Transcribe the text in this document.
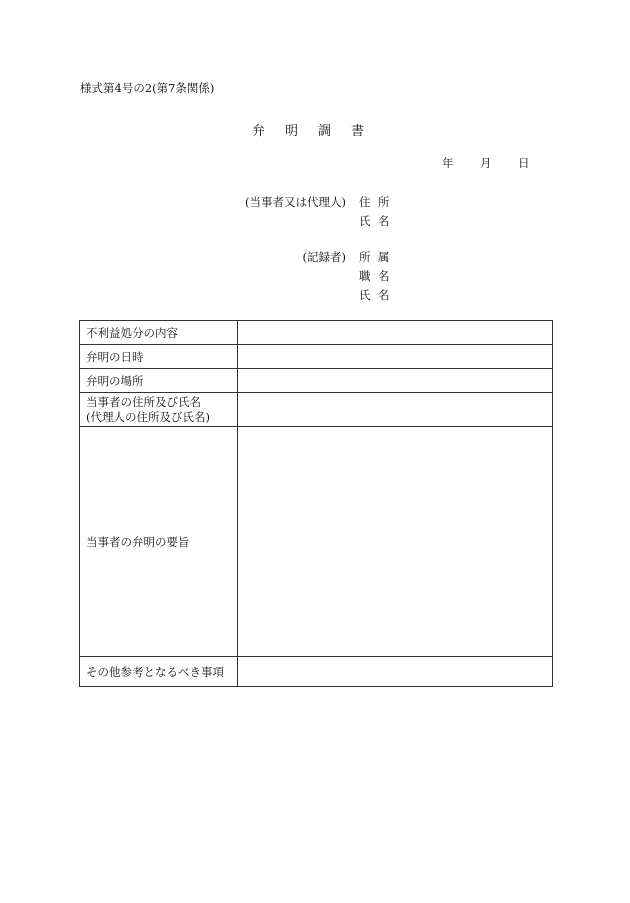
様式第4号の2(第7条関係)
弁	明	調	書
年	月	日
(当事者又は代理人) 住 所
氏 名
(記録者) 所 属
職 名
氏 名
不利益処分の内容	
弁明の日時	
弁明の場所	

当事者の住所及び氏名
(代理人の住所及び氏名)	

当事者の弁明の要旨	
その他参考となるべき事項	
